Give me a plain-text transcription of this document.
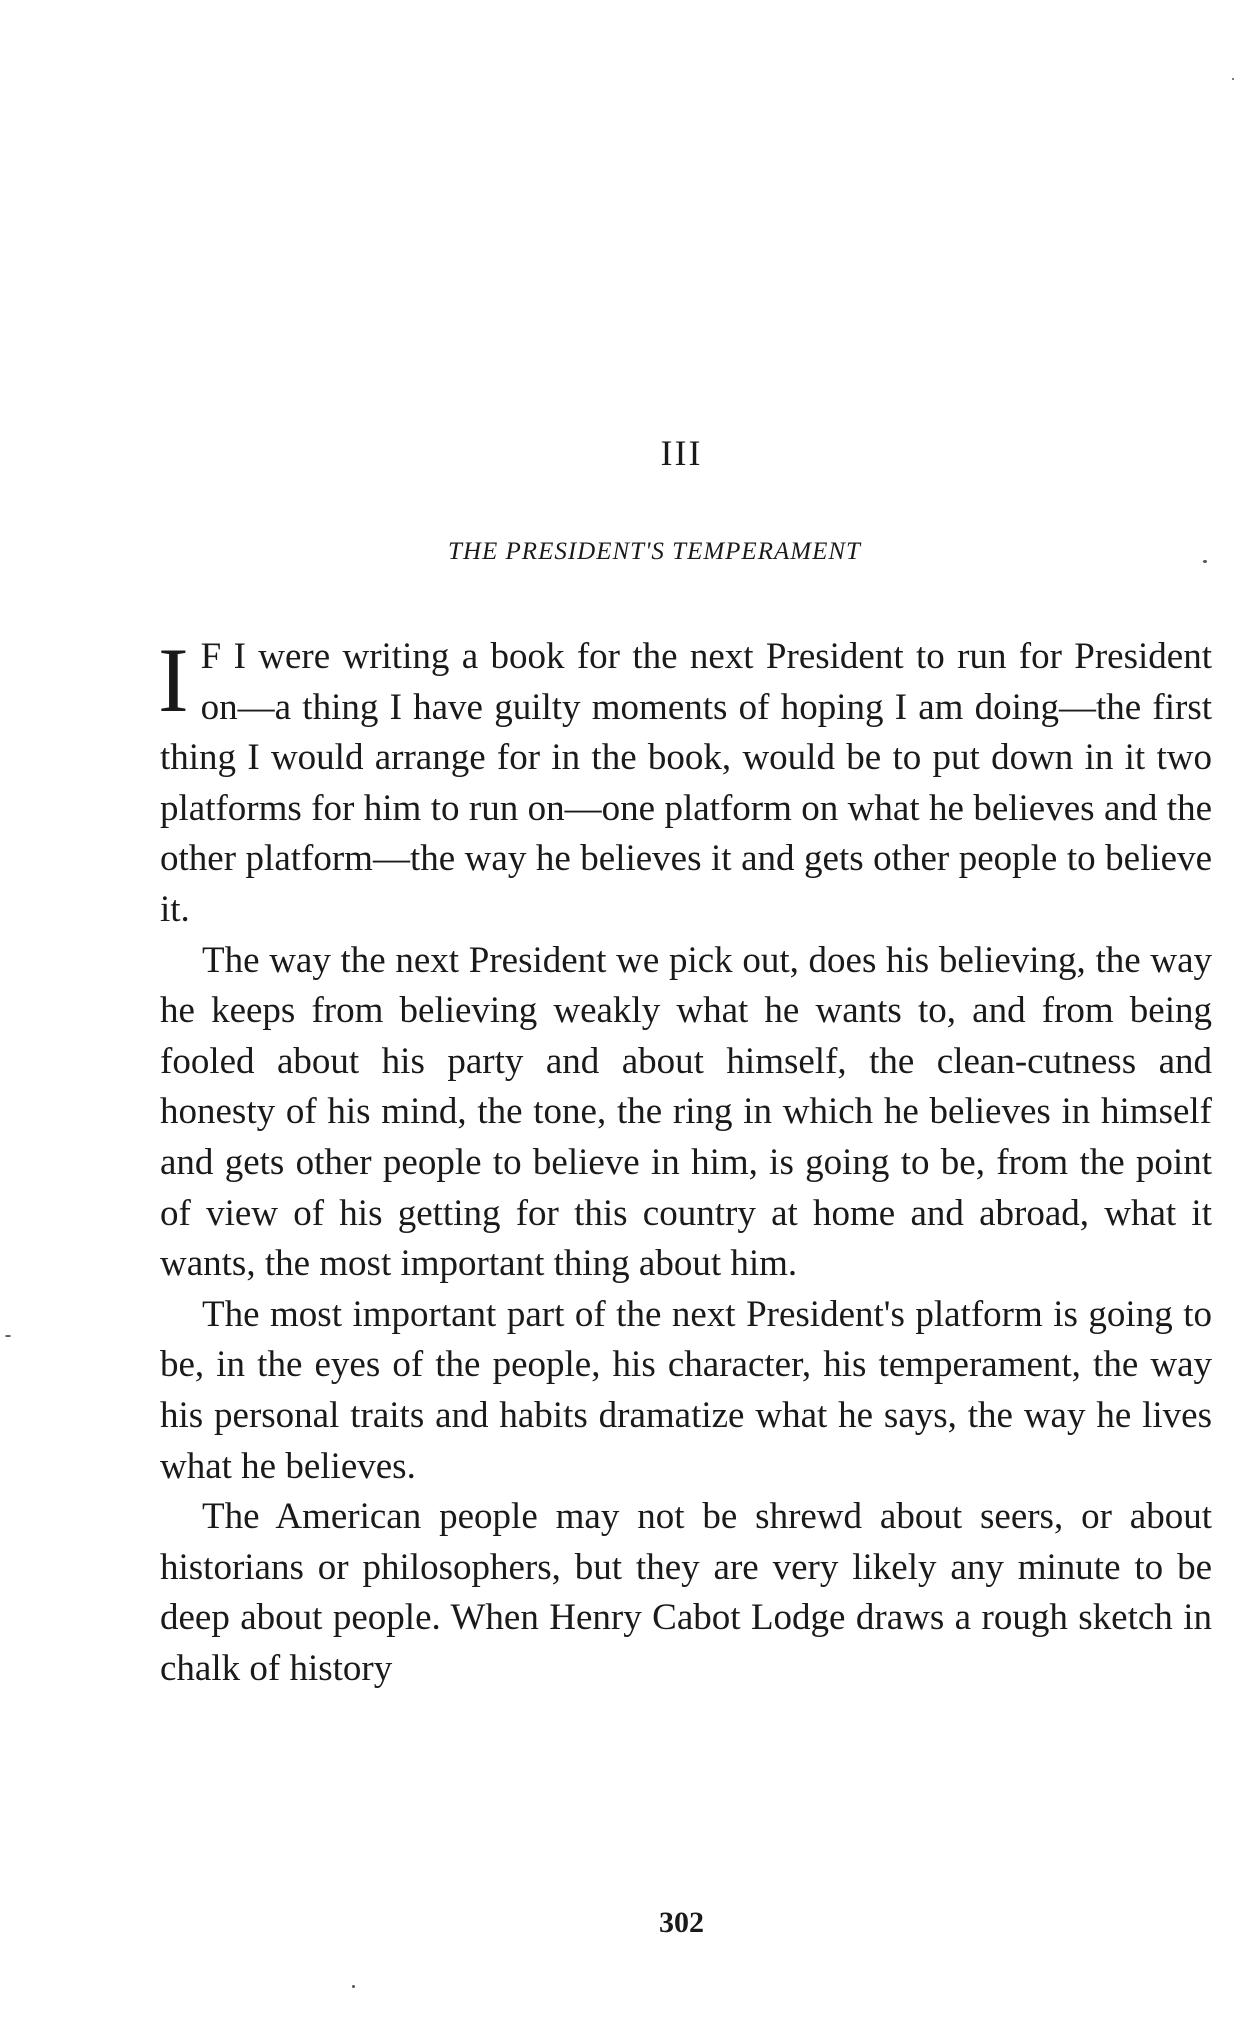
III
THE PRESIDENT'S TEMPERAMENT

I F I were writing a book for the next President to run for President on—a thing I have guilty moments of hoping I am doing—the first thing I would arrange for in the book, would be to put down in it two platforms for him to run on—one platform on what he believes and the other platform—the way he believes it and gets other people to believe it.

The way the next President we pick out, does his believing, the way he keeps from believing weakly what he wants to, and from being fooled about his party and about himself, the clean-cutness and honesty of his mind, the tone, the ring in which he believes in himself and gets other people to believe in him, is going to be, from the point of view of his getting for this country at home and abroad, what it wants, the most important thing about him.

The most important part of the next President's platform is going to be, in the eyes of the people, his character, his temperament, the way his personal traits and habits dramatize what he says, the way he lives what he believes.

The American people may not be shrewd about seers, or about historians or philosophers, but they are very likely any minute to be deep about people. When Henry Cabot Lodge draws a rough sketch in chalk of history

302
